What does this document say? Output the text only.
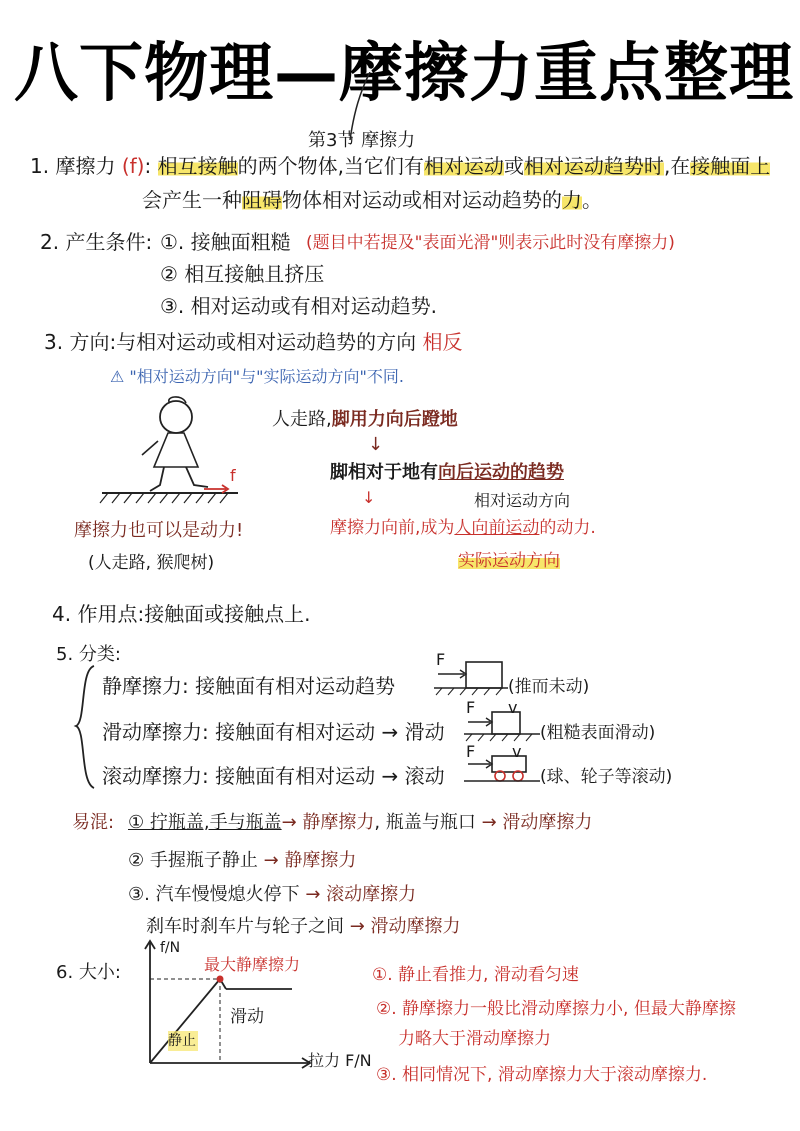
八下物理—摩擦力重点整理
第3节 摩擦力
1. 摩擦力 (f): 相互接触的两个物体,当它们有相对运动或相对运动趋势时,在接触面上
会产生一种阻碍物体相对运动或相对运动趋势的力。
2. 产生条件: ①. 接触面粗糙 (题目中若提及"表面光滑"则表示此时没有摩擦力)
② 相互接触且挤压
③. 相对运动或有相对运动趋势.
3. 方向:与相对运动或相对运动趋势的方向 相反
⚠ "相对运动方向"与"实际运动方向"不同.
f
摩擦力也可以是动力!
(人走路, 猴爬树)
人走路,脚用力向后蹬地
↓
脚相对于地有向后运动的趋势
相对运动方向
↓
摩擦力向前,成为人向前运动的动力.
实际运动方向
4. 作用点:接触面或接触点上.
5. 分类:
静摩擦力: 接触面有相对运动趋势	(推而未动)
滑动摩擦力: 接触面有相对运动 → 滑动	(粗糙表面滑动)
滚动摩擦力: 接触面有相对运动 → 滚动	(球、轮子等滚动)
F
F v
F v
易混: ① 拧瓶盖,手与瓶盖→ 静摩擦力, 瓶盖与瓶口 → 滑动摩擦力
② 手握瓶子静止 → 静摩擦力
③. 汽车慢慢熄火停下 → 滚动摩擦力
刹车时刹车片与轮子之间 → 滑动摩擦力
6. 大小:
f/N
拉力 F/N
最大静摩擦力
静止
滑动
①. 静止看推力, 滑动看匀速
②. 静摩擦力一般比滑动摩擦力小, 但最大静摩擦
力略大于滑动摩擦力
③. 相同情况下, 滑动摩擦力大于滚动摩擦力.
